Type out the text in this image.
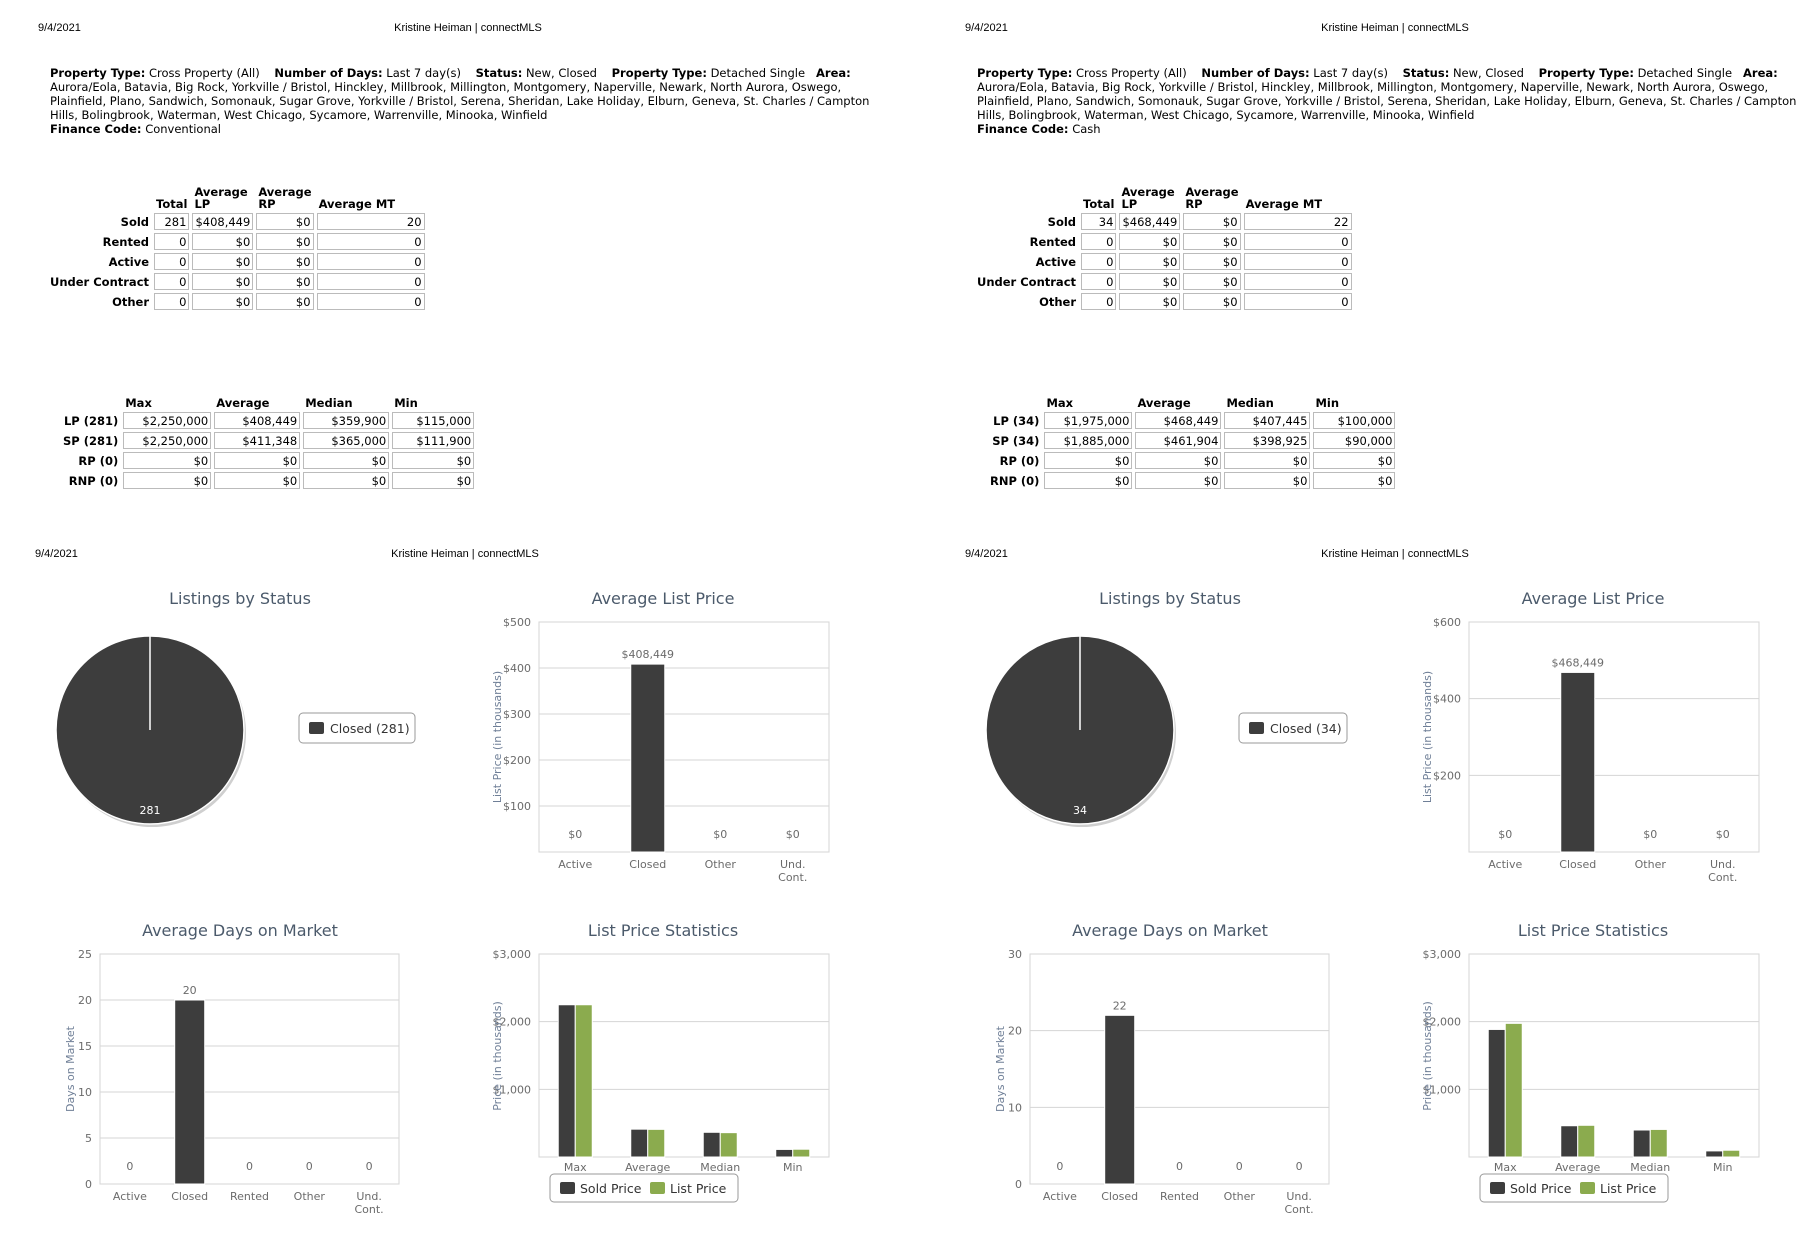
9/4/2021	Kristine Heiman | connectMLS
Property Type: Cross Property (All) Number of Days: Last 7 day(s) Status: New, Closed Property Type: Detached Single Area: Aurora/Eola, Batavia, Big Rock, Yorkville / Bristol, Hinckley, Millbrook, Millington, Montgomery, Naperville, Newark, North Aurora, Oswego, Plainfield, Plano, Sandwich, Somonauk, Sugar Grove, Yorkville / Bristol, Serena, Sheridan, Lake Holiday, Elburn, Geneva, St. Charles / Campton Hills, Bolingbrook, Waterman, West Chicago, Sycamore, Warrenville, Minooka, Winfield
Finance Code: Conventional
	Total	Average LP	Average RP	Average MT
Sold	281	$408,449	$0	20
Rented	0	$0	$0	0
Active	0	$0	$0	0
Under Contract	0	$0	$0	0
Other	0	$0	$0	0
	Max	Average	Median	Min
LP (281)	$2,250,000	$408,449	$359,900	$115,000
SP (281)	$2,250,000	$411,348	$365,000	$111,900
RP (0)	$0	$0	$0	$0
RNP (0)	$0	$0	$0	$0
9/4/2021	Kristine Heiman | connectMLS
Property Type: Cross Property (All) Number of Days: Last 7 day(s) Status: New, Closed Property Type: Detached Single Area: Aurora/Eola, Batavia, Big Rock, Yorkville / Bristol, Hinckley, Millbrook, Millington, Montgomery, Naperville, Newark, North Aurora, Oswego, Plainfield, Plano, Sandwich, Somonauk, Sugar Grove, Yorkville / Bristol, Serena, Sheridan, Lake Holiday, Elburn, Geneva, St. Charles / Campton Hills, Bolingbrook, Waterman, West Chicago, Sycamore, Warrenville, Minooka, Winfield
Finance Code: Cash
	Total	Average LP	Average RP	Average MT
Sold	34	$468,449	$0	22
Rented	0	$0	$0	0
Active	0	$0	$0	0
Under Contract	0	$0	$0	0
Other	0	$0	$0	0
	Max	Average	Median	Min
LP (34)	$1,975,000	$468,449	$407,445	$100,000
SP (34)	$1,885,000	$461,904	$398,925	$90,000
RP (0)	$0	$0	$0	$0
RNP (0)	$0	$0	$0	$0
9/4/2021	Kristine Heiman | connectMLS
Listings by Status
281
Closed (281)
Average List Price
$100
$200
$300
$400
$500
Active
$0
Closed
$408,449
Other
$0
Und. Cont.
$0
List Price (in thousands)
Average Days on Market
0
5
10
15
20
25
Active
0
Closed
20
Rented
0
Other
0
Und. Cont.
0
Days on Market
List Price Statistics
$1,000
$2,000
$3,000
Max	Average	Median	Min
Price (in thousands)
Sold Price List Price
9/4/2021	Kristine Heiman | connectMLS
Listings by Status
34
Closed (34)
Average List Price
$200
$400
$600
Active
$0
Closed
$468,449
Other
$0
Und. Cont.
$0
List Price (in thousands)
Average Days on Market
0
10
20
30
Active
0
Closed
22
Rented
0
Other
0
Und. Cont.
0
Days on Market
List Price Statistics
$1,000
$2,000
$3,000
Max	Average	Median	Min
Price (in thousands)
Sold Price List Price
